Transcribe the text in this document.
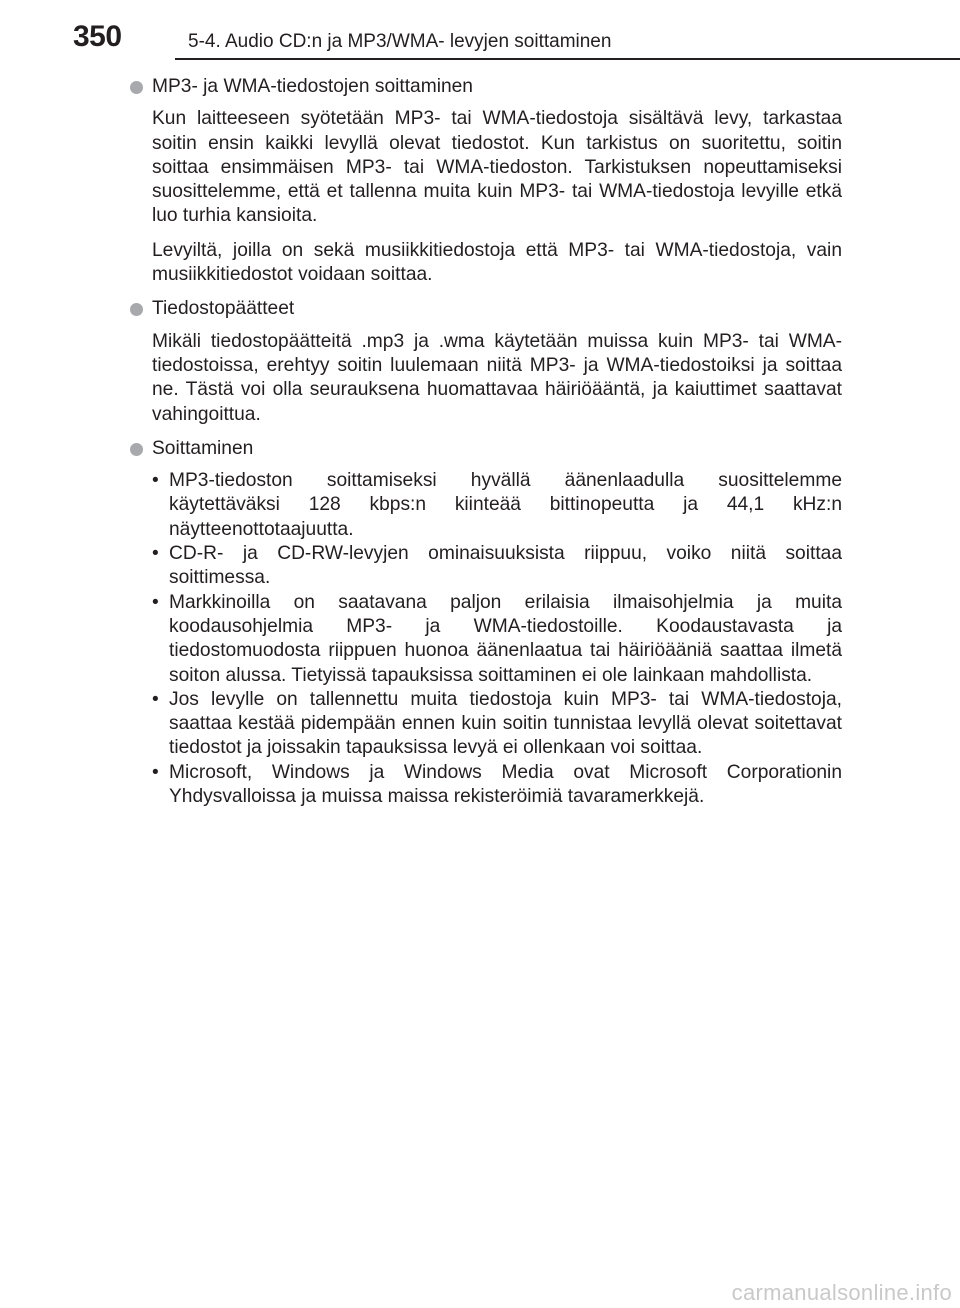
350	5-4. Audio CD:n ja MP3/WMA- levyjen soittaminen

MP3- ja WMA-tiedostojen soittaminen

Kun laitteeseen syötetään MP3- tai WMA-tiedostoja sisältävä levy, tarkastaa soitin ensin kaikki levyllä olevat tiedostot. Kun tarkistus on suoritettu, soitin soittaa ensimmäisen MP3- tai WMA-tiedoston. Tarkistuksen nopeuttamiseksi suosittelemme, että et tallenna muita kuin MP3- tai WMA-tiedostoja levyille etkä luo turhia kansioita.

Levyiltä, joilla on sekä musiikkitiedostoja että MP3- tai WMA-tiedostoja, vain musiikkitiedostot voidaan soittaa.

Tiedostopäätteet

Mikäli tiedostopäätteitä .mp3 ja .wma käytetään muissa kuin MP3- tai WMA-tiedostoissa, erehtyy soitin luulemaan niitä MP3- ja WMA-tiedostoiksi ja soittaa ne. Tästä voi olla seurauksena huomattavaa häiriöääntä, ja kaiuttimet saattavat vahingoittua.

Soittaminen

• MP3-tiedoston soittamiseksi hyvällä äänenlaadulla suosittelemme käytettäväksi 128 kbps:n kiinteää bittinopeutta ja 44,1 kHz:n näytteenottotaajuutta.
• CD-R- ja CD-RW-levyjen ominaisuuksista riippuu, voiko niitä soittaa soittimessa.
• Markkinoilla on saatavana paljon erilaisia ilmaisohjelmia ja muita koodausohjelmia MP3- ja WMA-tiedostoille. Koodaustavasta ja tiedostomuodosta riippuen huonoa äänenlaatua tai häiriöääniä saattaa ilmetä soiton alussa. Tietyissä tapauksissa soittaminen ei ole lainkaan mahdollista.
• Jos levylle on tallennettu muita tiedostoja kuin MP3- tai WMA-tiedostoja, saattaa kestää pidempään ennen kuin soitin tunnistaa levyllä olevat soitettavat tiedostot ja joissakin tapauksissa levyä ei ollenkaan voi soittaa.
• Microsoft, Windows ja Windows Media ovat Microsoft Corporationin Yhdysvalloissa ja muissa maissa rekisteröimiä tavaramerkkejä.
carmanualsonline.info
